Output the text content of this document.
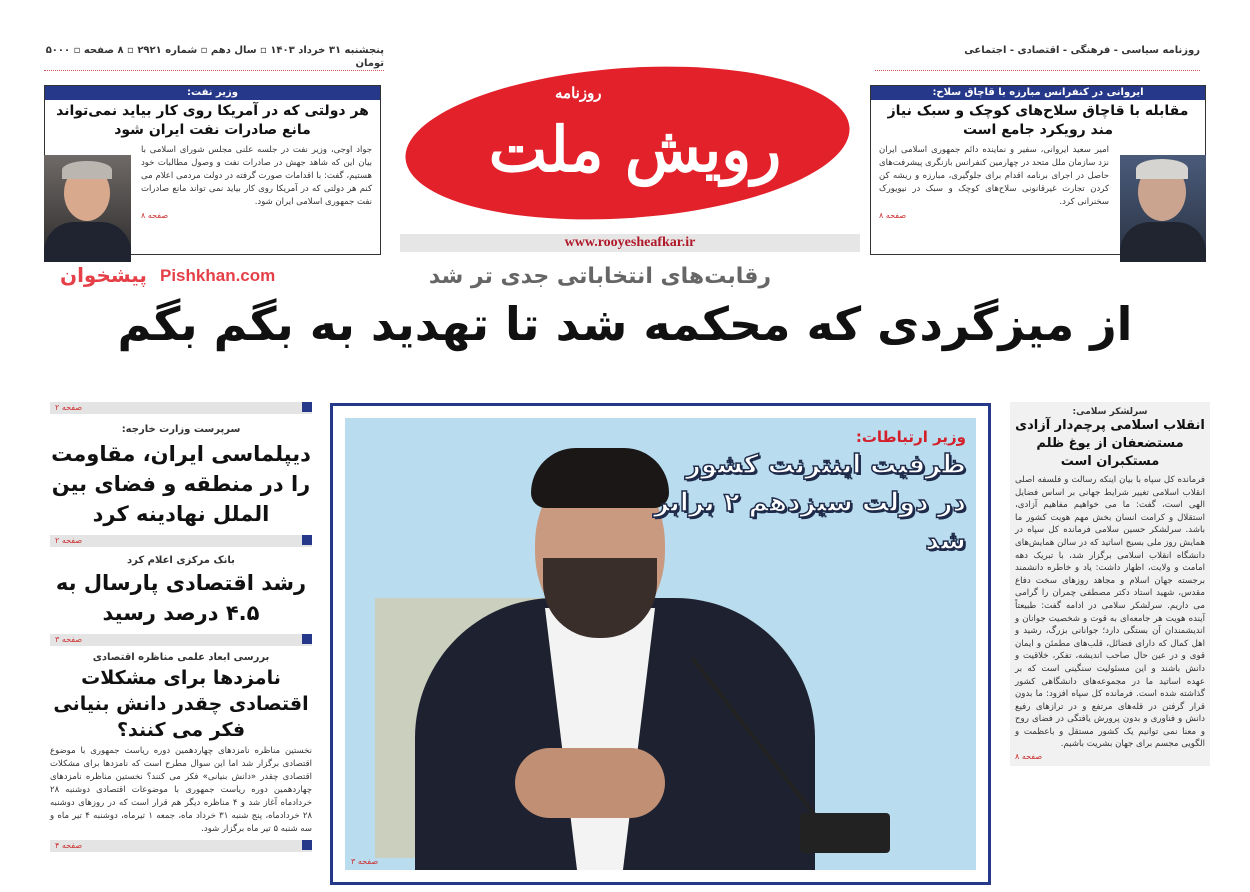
پنجشنبه ۳۱ خرداد ۱۴۰۳ ▫ سال دهم ▫ شماره ۲۹۲۱ ▫ ۸ صفحه ▫ ۵۰۰۰ تومان
روزنامه سیاسی - فرهنگی - اقتصادی - اجتماعی
وزیر نفت:
هر دولتی که در آمریکا روی کار بیاید نمی‌تواند مانع صادرات نفت ایران شود
جواد اوجی، وزیر نفت در جلسه علنی مجلس شورای اسلامی با بیان این که شاهد جهش در صادرات نفت و وصول مطالبات خود هستیم، گفت: با اقدامات صورت گرفته در دولت مردمی اعلام می کنم هر دولتی که در آمریکا روی کار بیاید نمی تواند مانع صادرات نفت جمهوری اسلامی ایران شود.
صفحه ۸
ایروانی در کنفرانس مبارزه با قاچاق سلاح:
مقابله با قاچاق سلاح‌های کوچک و سبک نیاز مند رویکرد جامع است
امیر سعید ایروانی، سفیر و نماینده دائم جمهوری اسلامی ایران نزد سازمان ملل متحد در چهارمین کنفرانس بازنگری پیشرفت‌های حاصل در اجرای برنامه اقدام برای جلوگیری، مبارزه و ریشه کن کردن تجارت غیرقانونی سلاح‌های کوچک و سبک در نیویورک سخنرانی کرد.
صفحه ۸
روزنامه
رویش ملت
www.rooyesheafkar.ir
پیشخوان Pishkhan.com	رقابت‌های انتخاباتی جدی تر شد
از میزگردی که محکمه شد تا تهدید به بگم بگم
صفحه ۲
سرپرست وزارت خارجه:
دیپلماسی ایران، مقاومت را در منطقه و فضای بین الملل نهادینه کرد
صفحه ۲
بانک مرکزی اعلام کرد
رشد اقتصادی پارسال به ۴.۵ درصد رسید
صفحه ۳
بررسی ابعاد علمی مناظره اقتصادی
نامزدها برای مشکلات اقتصادی چقدر دانش بنیانی فکر می کنند؟
نخستین مناظره نامزدهای چهاردهمین دوره ریاست جمهوری با موضوع اقتصادی برگزار شد اما این سوال مطرح است که نامزدها برای مشکلات اقتصادی چقدر «دانش بنیانی» فکر می کنند؟ نخستین مناظره نامزدهای چهاردهمین دوره ریاست جمهوری با موضوعات اقتصادی دوشنبه ۲۸ خردادماه آغاز شد و ۴ مناظره دیگر هم قرار است که در روزهای دوشنبه ۲۸ خردادماه، پنج شنبه ۳۱ خرداد ماه، جمعه ۱ تیرماه، دوشنبه ۴ تیر ماه و سه شنبه ۵ تیر ماه برگزار شود.
صفحه ۴
وزیر ارتباطات:
ظرفیت اینترنت کشور
در دولت سیزدهم ۲ برابر شد
صفحه ۳
سرلشکر سلامی:
انقلاب اسلامی پرچم‌دار آزادی مستضعفان از یوغ ظلم مستکبران است
فرمانده کل سپاه با بیان اینکه رسالت و فلسفه اصلی انقلاب اسلامی تغییر شرایط جهانی بر اساس فضایل الهی است، گفت: ما می خواهیم مفاهیم آزادی، استقلال و کرامت انسان بخش مهم هویت کشور ما باشد. سرلشکر حسین سلامی فرمانده کل سپاه در همایش روز ملی بسیج اساتید که در سالن همایش‌های دانشگاه انقلاب اسلامی برگزار شد، با تبریک دهه امامت و ولایت، اظهار داشت: یاد و خاطره دانشمند برجسته جهان اسلام و مجاهد روزهای سخت دفاع مقدس، شهید استاد دکتر مصطفی چمران را گرامی می داریم. سرلشکر سلامی در ادامه گفت: طبیعتاً آینده هویت هر جامعه‌ای به قوت و شخصیت جوانان و اندیشمندان آن بستگی دارد؛ جوانانی بزرگ، رشید و اهل کمال که دارای فضائل، قلب‌های مطمئن و ایمان قوی و در عین حال صاحب اندیشه، تفکر، خلاقیت و دانش باشند و این مسئولیت سنگینی است که بر عهده اساتید ما در مجموعه‌های دانشگاهی کشور گذاشته شده است. فرمانده کل سپاه افزود: ما بدون قرار گرفتن در قله‌های مرتفع و در ترازهای رفیع دانش و فناوری و بدون پرورش یافتگی در فضای روح و معنا نمی توانیم یک کشور مستقل و باعظمت و الگویی مجسم برای جهان بشریت باشیم.
صفحه ۸
